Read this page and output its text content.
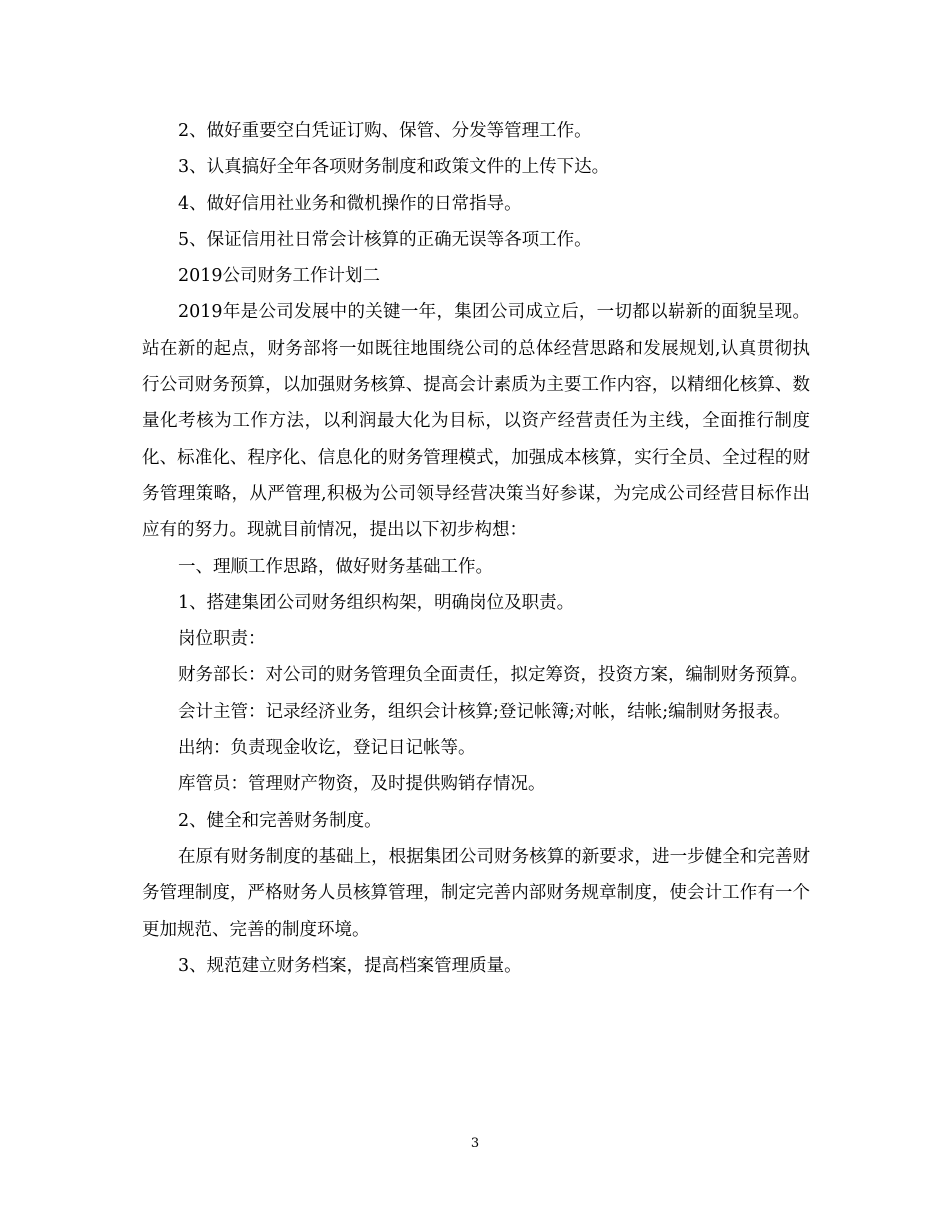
2、做好重要空白凭证订购、保管、分发等管理工作。

3、认真搞好全年各项财务制度和政策文件的上传下达。

4、做好信用社业务和微机操作的日常指导。

5、保证信用社日常会计核算的正确无误等各项工作。

2019公司财务工作计划二

2019年是公司发展中的关键一年，集团公司成立后，一切都以崭新的面貌呈现。站在新的起点，财务部将一如既往地围绕公司的总体经营思路和发展规划,认真贯彻执行公司财务预算，以加强财务核算、提高会计素质为主要工作内容，以精细化核算、数量化考核为工作方法，以利润最大化为目标，以资产经营责任为主线，全面推行制度化、标准化、程序化、信息化的财务管理模式，加强成本核算，实行全员、全过程的财务管理策略，从严管理,积极为公司领导经营决策当好参谋，为完成公司经营目标作出应有的努力。现就目前情况，提出以下初步构想：

一、理顺工作思路，做好财务基础工作。

1、搭建集团公司财务组织构架，明确岗位及职责。

岗位职责：

财务部长：对公司的财务管理负全面责任，拟定筹资，投资方案，编制财务预算。

会计主管：记录经济业务，组织会计核算;登记帐簿;对帐，结帐;编制财务报表。

出纳：负责现金收讫，登记日记帐等。

库管员：管理财产物资，及时提供购销存情况。

2、健全和完善财务制度。

在原有财务制度的基础上，根据集团公司财务核算的新要求，进一步健全和完善财务管理制度，严格财务人员核算管理，制定完善内部财务规章制度，使会计工作有一个更加规范、完善的制度环境。

3、规范建立财务档案，提高档案管理质量。

3
